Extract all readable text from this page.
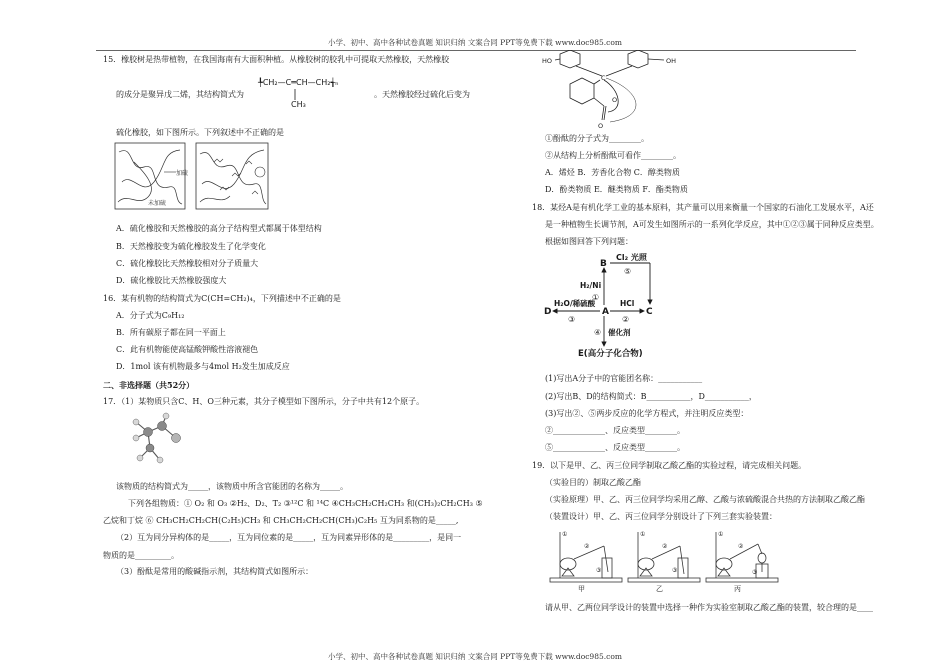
小学、初中、高中各种试卷真题 知识归纳 文案合同 PPT等免费下载 www.doc985.com
15．橡胶树是热带植物，在我国海南有大面积种植。从橡胶树的胶乳中可提取天然橡胶，天然橡胶
╄CH₂—C═CH—CH₂╅ₙ
CH₃
的成分是聚异戊二烯，其结构简式为	。天然橡胶经过硫化后变为
硫化橡胶，如下图所示。下列叙述中不正确的是
加硫
未加硫
A．硫化橡胶和天然橡胶的高分子结构型式都属于体型结构
B．天然橡胶变为硫化橡胶发生了化学变化
C．硫化橡胶比天然橡胶相对分子质量大
D．硫化橡胶比天然橡胶强度大
16．某有机物的结构简式为C(CH=CH₂)₄，下列描述中不正确的是
A．分子式为C₉H₁₂
B．所有碳原子都在同一平面上
C．此有机物能使高锰酸钾酸性溶液褪色
D．1mol 该有机物最多与4mol H₂发生加成反应
二、非选择题（共52分）
17．（1）某物质只含C、H、O三种元素，其分子模型如下图所示，分子中共有12个原子。
该物质的结构简式为_____，该物质中所含官能团的名称为_____。
下列各组物质：① O₂ 和 O₃ ②H₂、D₂、T₂ ③¹²C 和 ¹⁴C ④CH₃CH₂CH₂CH₃ 和(CH₃)₂CH₂CH₃ ⑤
乙烷和丁烷 ⑥ CH₃CH₂CH₂CH(C₂H₅)CH₃ 和 CH₃CH₂CH₂CH(CH₃)C₂H₅ 互为同系物的是_____,
（2）互为同分异构体的是_____，互为同位素的是_____，互为同素异形体的是_________，是同一
物质的是_________。
（3）酚酞是常用的酸碱指示剂，其结构简式如图所示：
HO	OH
C
O
O
①酚酞的分子式为________。
②从结构上分析酚酞可看作________。
A．烯烃 B．芳香化合物 C．醇类物质
D．酚类物质 E．醚类物质 F．酯类物质
18．某烃A是有机化学工业的基本原料，其产量可以用来衡量一个国家的石油化工发展水平，A还
是一种植物生长调节剂，A可发生如图所示的一系列化学反应，其中①②③属于同种反应类型。
根据如图回答下列问题：
B
A	C
D
E(高分子化合物)
Cl₂ 光照
⑤
H₂/Ni
①
H₂O/稀硫酸
③
HCl
②
④ 催化剂
(1)写出A分子中的官能团名称：___________
(2)写出B、D的结构简式：B___________，D___________，
(3)写出②、⑤两步反应的化学方程式，并注明反应类型：
②_____________、反应类型________。
⑤_____________、反应类型________。
19．以下是甲、乙、丙三位同学制取乙酸乙酯的实验过程，请完成相关问题。
（实验目的）制取乙酸乙酯
（实验原理）甲、乙、丙三位同学均采用乙醇、乙酸与浓硫酸混合共热的方法制取乙酸乙酯
（装置设计）甲、乙、丙三位同学分别设计了下列三套实验装置：
①
②
③
①
②
③
①
②
③
甲	乙	丙
请从甲、乙两位同学设计的装置中选择一种作为实验室制取乙酸乙酯的装置，较合理的是____
小学、初中、高中各种试卷真题 知识归纳 文案合同 PPT等免费下载 www.doc985.com
